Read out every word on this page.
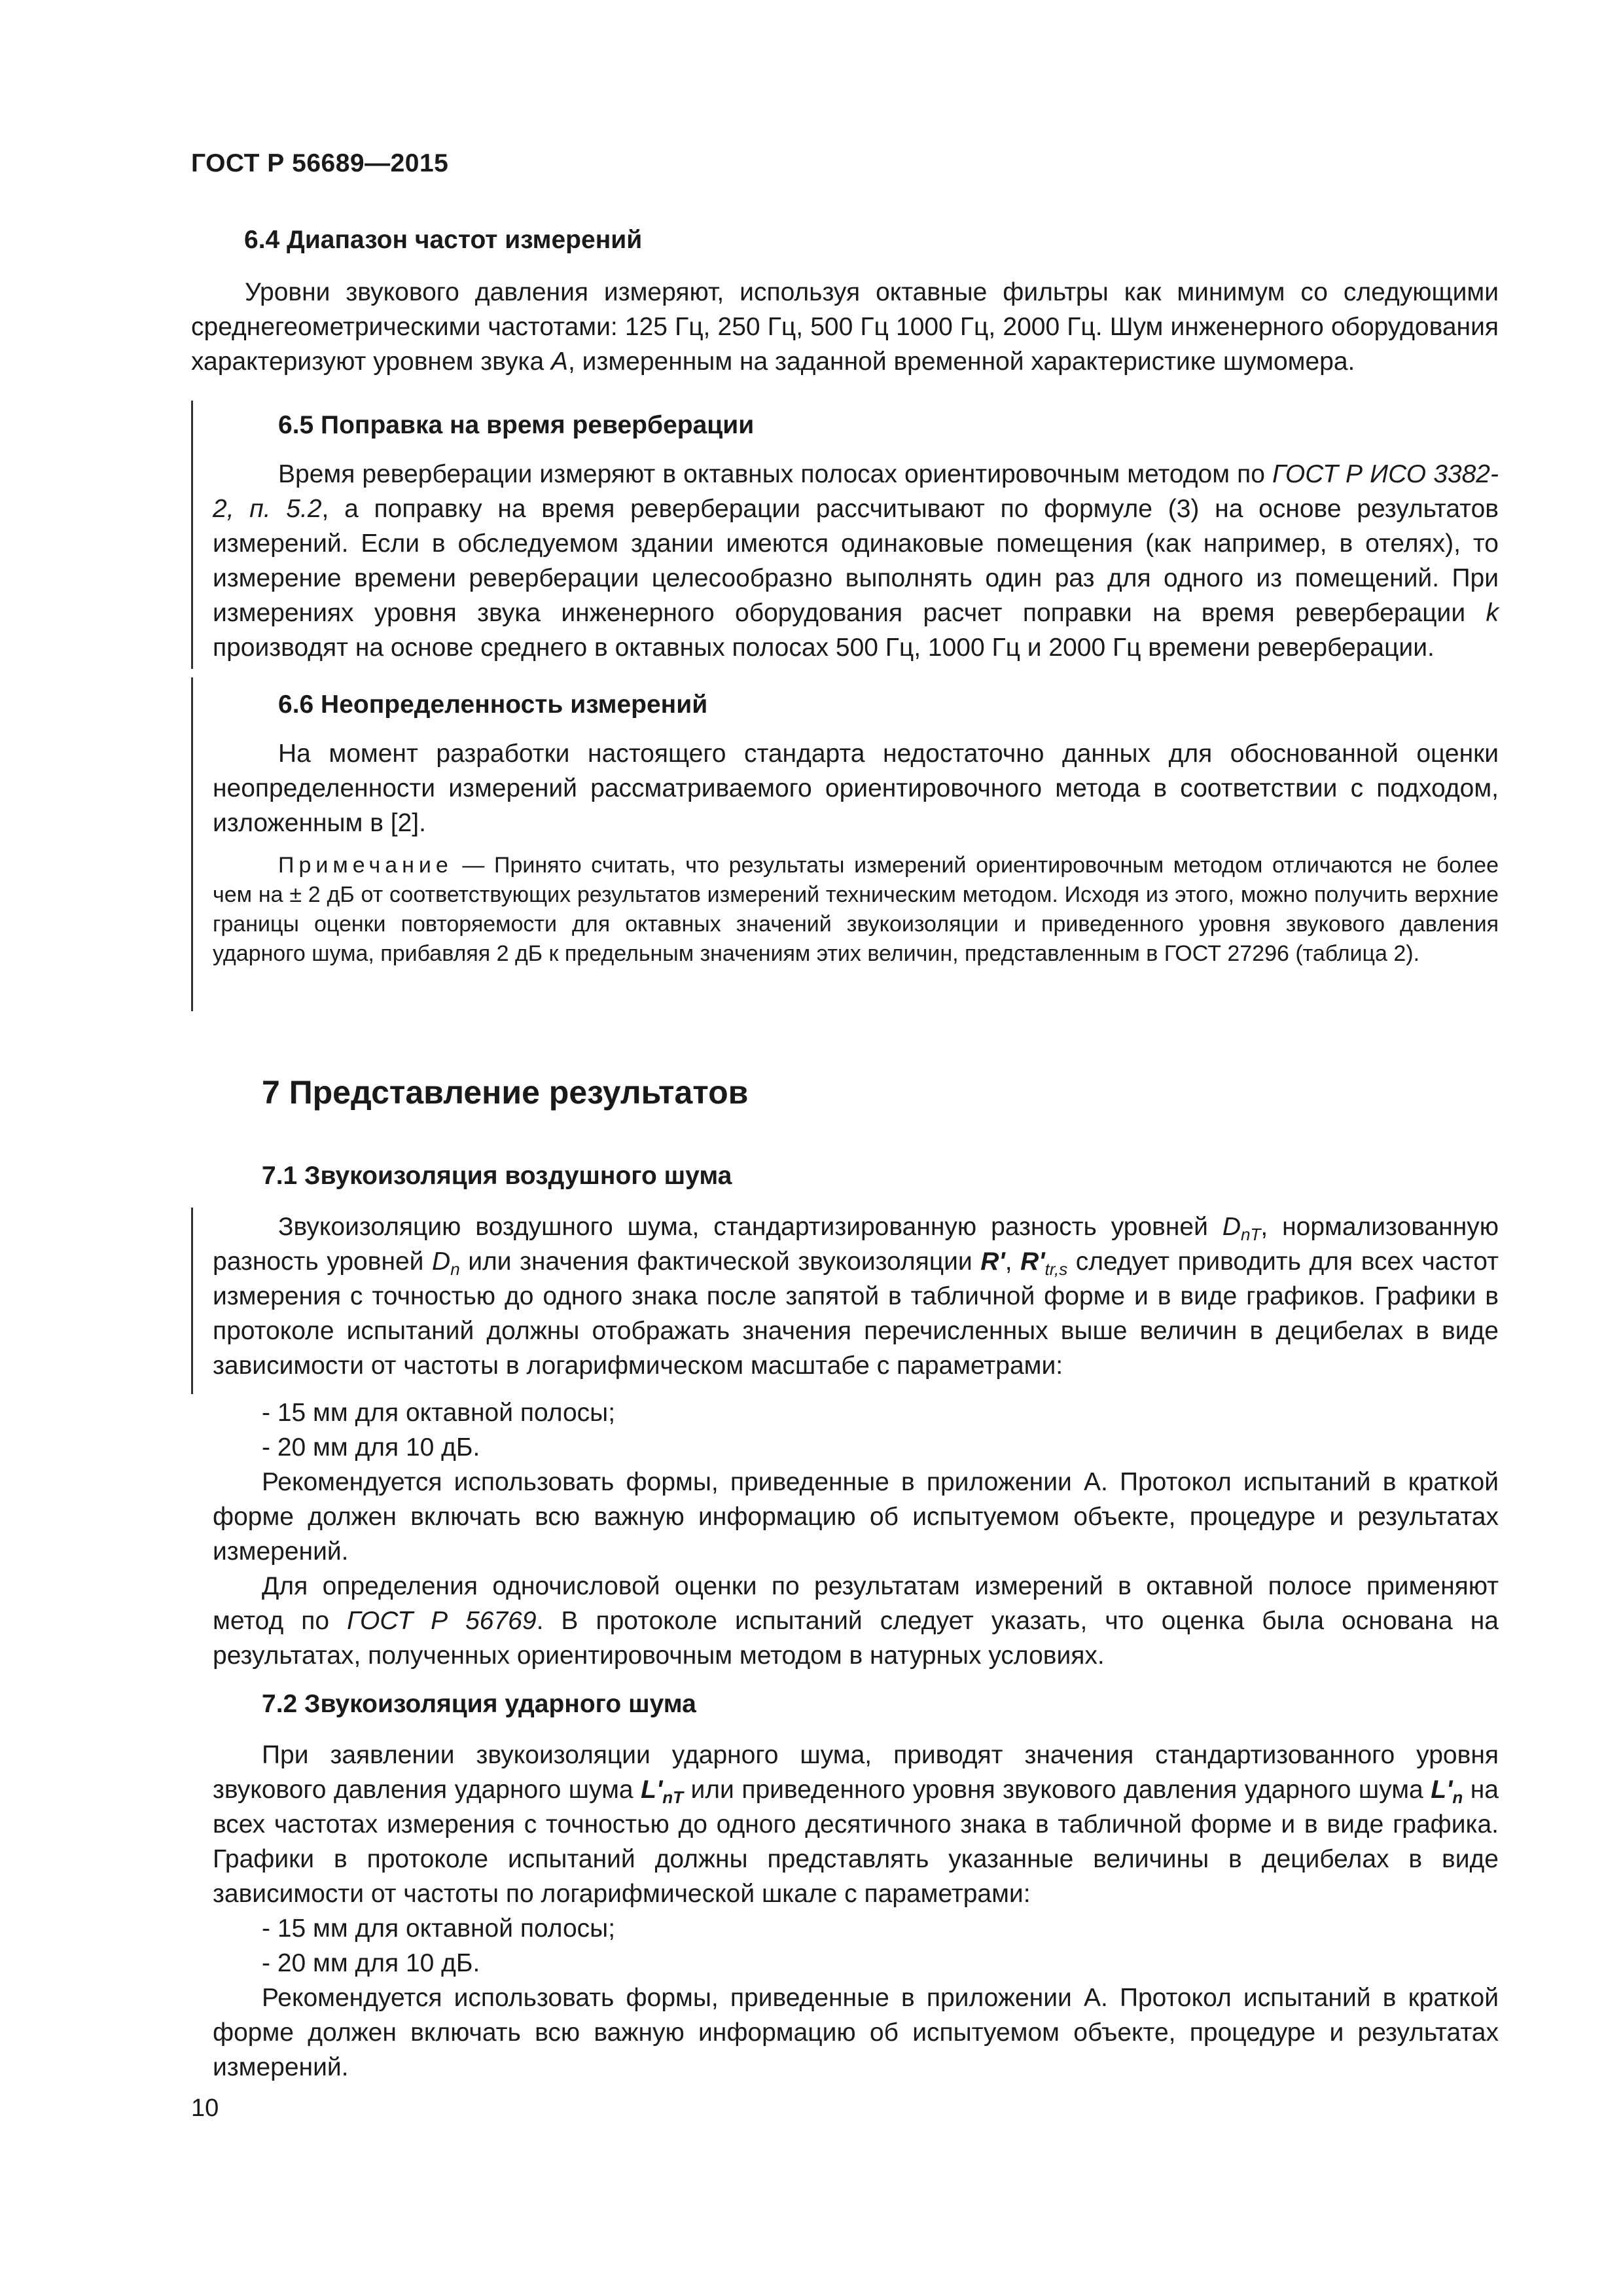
ГОСТ Р 56689—2015
6.4 Диапазон частот измерений
Уровни звукового давления измеряют, используя октавные фильтры как минимум со следующими среднегеометрическими частотами: 125 Гц, 250 Гц, 500 Гц 1000 Гц, 2000 Гц. Шум инженерного оборудования характеризуют уровнем звука А, измеренным на заданной временной характеристике шумомера.
6.5 Поправка на время реверберации
Время реверберации измеряют в октавных полосах ориентировочным методом по ГОСТ Р ИСО 3382-2, п. 5.2, а поправку на время реверберации рассчитывают по формуле (3) на основе результатов измерений. Если в обследуемом здании имеются одинаковые помещения (как например, в отелях), то измерение времени реверберации целесообразно выполнять один раз для одного из помещений. При измерениях уровня звука инженерного оборудования расчет поправки на время реверберации k производят на основе среднего в октавных полосах 500 Гц, 1000 Гц и 2000 Гц времени реверберации.
6.6 Неопределенность измерений
На момент разработки настоящего стандарта недостаточно данных для обоснованной оценки неопределенности измерений рассматриваемого ориентировочного метода в соответствии с подходом, изложенным в [2].
Примечание — Принято считать, что результаты измерений ориентировочным методом отличаются не более чем на ± 2 дБ от соответствующих результатов измерений техническим методом. Исходя из этого, можно получить верхние границы оценки повторяемости для октавных значений звукоизоляции и приведенного уровня звукового давления ударного шума, прибавляя 2 дБ к предельным значениям этих величин, представленным в ГОСТ 27296 (таблица 2).
7 Представление результатов
7.1 Звукоизоляция воздушного шума
Звукоизоляцию воздушного шума, стандартизированную разность уровней $D_{nT}$, нормализованную разность уровней $D_n$ или значения фактической звукоизоляции R', $R'_{tr,s}$ следует приводить для всех частот измерения с точностью до одного знака после запятой в табличной форме и в виде графиков. Графики в протоколе испытаний должны отображать значения перечисленных выше величин в децибелах в виде зависимости от частоты в логарифмическом масштабе с параметрами:
- 15 мм для октавной полосы;
- 20 мм для 10 дБ.
Рекомендуется использовать формы, приведенные в приложении А. Протокол испытаний в краткой форме должен включать всю важную информацию об испытуемом объекте, процедуре и результатах измерений.
Для определения одночисловой оценки по результатам измерений в октавной полосе применяют метод по ГОСТ Р 56769. В протоколе испытаний следует указать, что оценка была основана на результатах, полученных ориентировочным методом в натурных условиях.
7.2 Звукоизоляция ударного шума
При заявлении звукоизоляции ударного шума, приводят значения стандартизованного уровня звукового давления ударного шума $L'_{nT}$ или приведенного уровня звукового давления ударного шума $L'_n$ на всех частотах измерения с точностью до одного десятичного знака в табличной форме и в виде графика. Графики в протоколе испытаний должны представлять указанные величины в децибелах в виде зависимости от частоты по логарифмической шкале с параметрами:
- 15 мм для октавной полосы;
- 20 мм для 10 дБ.
Рекомендуется использовать формы, приведенные в приложении А. Протокол испытаний в краткой форме должен включать всю важную информацию об испытуемом объекте, процедуре и результатах измерений.
10
